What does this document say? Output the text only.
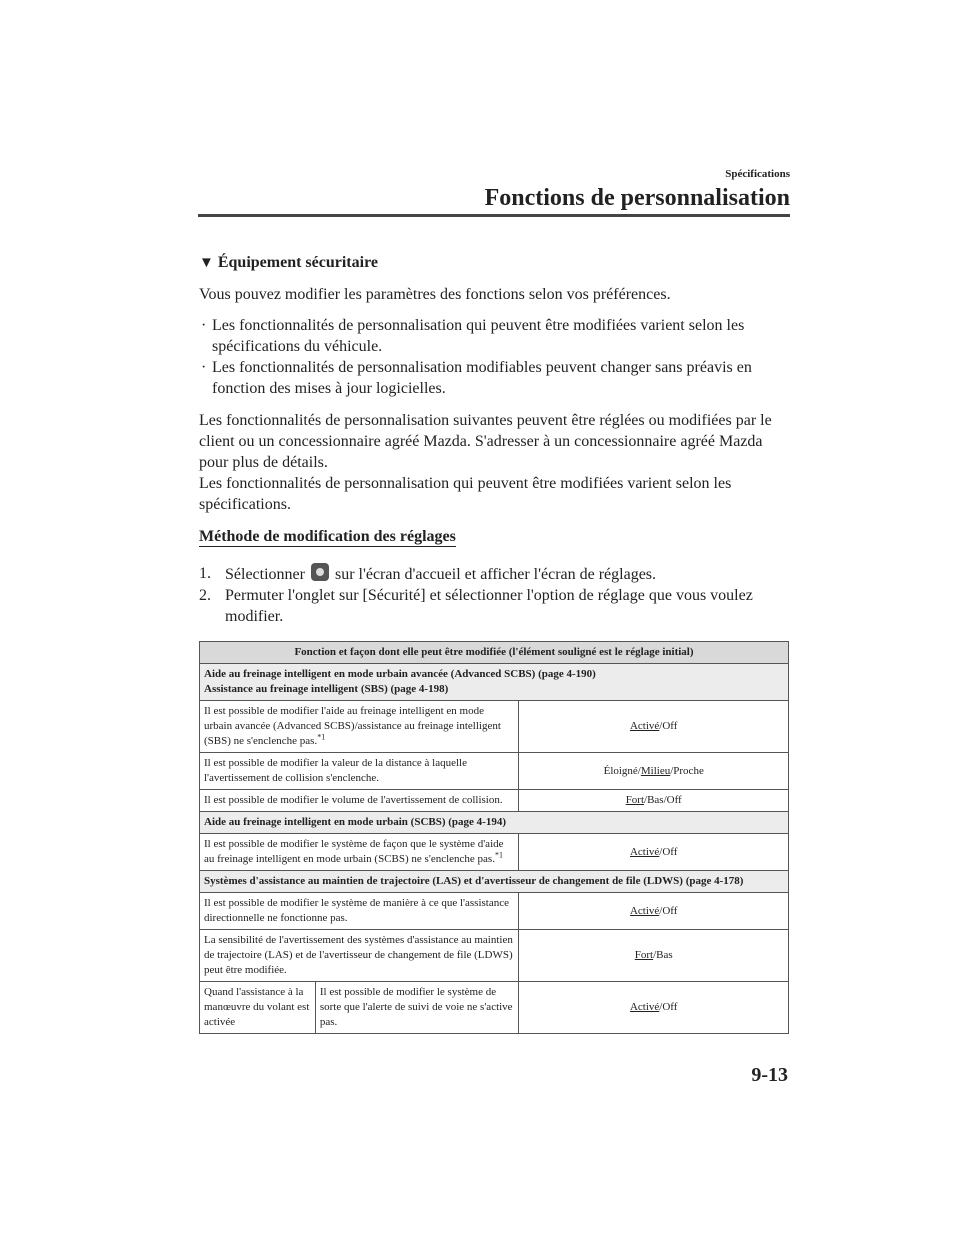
Spécifications
Fonctions de personnalisation
▼ Équipement sécuritaire

Vous pouvez modifier les paramètres des fonctions selon vos préférences.

· Les fonctionnalités de personnalisation qui peuvent être modifiées varient selon les spécifications du véhicule.
· Les fonctionnalités de personnalisation modifiables peuvent changer sans préavis en fonction des mises à jour logicielles.

Les fonctionnalités de personnalisation suivantes peuvent être réglées ou modifiées par le client ou un concessionnaire agréé Mazda. S'adresser à un concessionnaire agréé Mazda pour plus de détails.

Les fonctionnalités de personnalisation qui peuvent être modifiées varient selon les spécifications.

Méthode de modification des réglages
1. Sélectionner sur l'écran d'accueil et afficher l'écran de réglages.
2. Permuter l'onglet sur [Sécurité] et sélectionner l'option de réglage que vous voulez modifier.
Fonction et façon dont elle peut être modifiée (l'élément souligné est le réglage initial)		
Aide au freinage intelligent en mode urbain avancée (Advanced SCBS) (page 4-190)
Assistance au freinage intelligent (SBS) (page 4-198)		
Il est possible de modifier l'aide au freinage intelligent en mode urbain avancée (Advanced SCBS)/assistance au freinage intelligent (SBS) ne s'enclenche pas.$^{*1}$		Activé/Off
Il est possible de modifier la valeur de la distance à laquelle l'avertissement de collision s'enclenche.		Éloigné/Milieu/Proche
Il est possible de modifier le volume de l'avertissement de collision.		Fort/Bas/Off
Aide au freinage intelligent en mode urbain (SCBS) (page 4-194)		
Il est possible de modifier le système de façon que le système d'aide au freinage intelligent en mode urbain (SCBS) ne s'enclenche pas.$^{*1}$		Activé/Off
Systèmes d'assistance au maintien de trajectoire (LAS) et d'avertisseur de changement de file (LDWS) (page 4-178)		
Il est possible de modifier le système de manière à ce que l'assistance directionnelle ne fonctionne pas.		Activé/Off
La sensibilité de l'avertissement des systèmes d'assistance au maintien de trajectoire (LAS) et de l'avertisseur de changement de file (LDWS) peut être modifiée.		Fort/Bas
Quand l'assistance à la manœuvre du volant est activée	Il est possible de modifier le système de sorte que l'alerte de suivi de voie ne s'active pas.	Activé/Off
9-13
